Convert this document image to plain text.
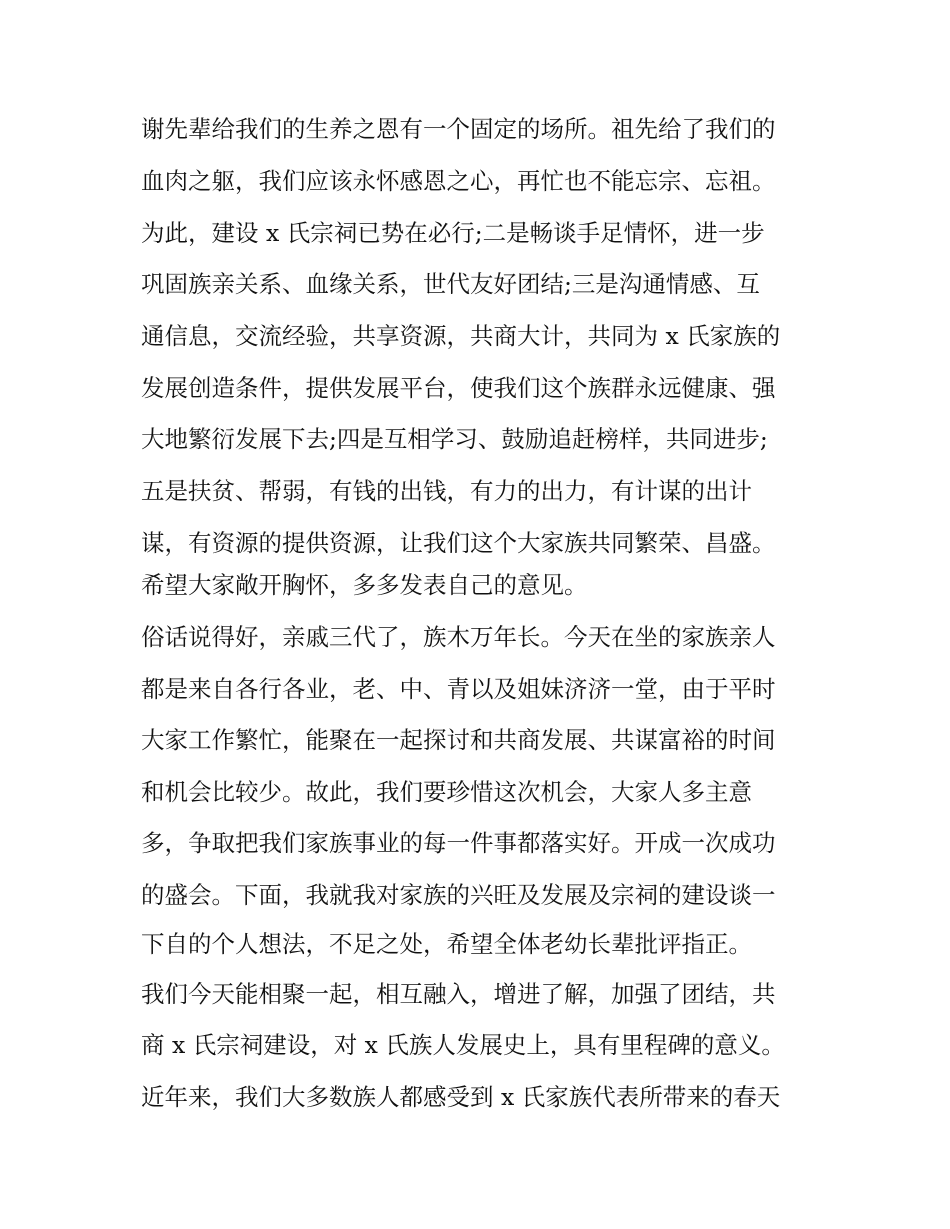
谢先辈给我们的生养之恩有一个固定的场所。祖先给了我们的

血肉之躯，我们应该永怀感恩之心，再忙也不能忘宗、忘祖。

为此，建设 x 氏宗祠已势在必行;二是畅谈手足情怀，进一步

巩固族亲关系、血缘关系，世代友好团结;三是沟通情感、互

通信息，交流经验，共享资源，共商大计，共同为 x 氏家族的

发展创造条件，提供发展平台，使我们这个族群永远健康、强

大地繁衍发展下去;四是互相学习、鼓励追赶榜样，共同进步;

五是扶贫、帮弱，有钱的出钱，有力的出力，有计谋的出计

谋，有资源的提供资源，让我们这个大家族共同繁荣、昌盛。

希望大家敞开胸怀，多多发表自己的意见。

俗话说得好，亲戚三代了，族木万年长。今天在坐的家族亲人

都是来自各行各业，老、中、青以及姐妹济济一堂，由于平时

大家工作繁忙，能聚在一起探讨和共商发展、共谋富裕的时间

和机会比较少。故此，我们要珍惜这次机会，大家人多主意

多，争取把我们家族事业的每一件事都落实好。开成一次成功

的盛会。下面，我就我对家族的兴旺及发展及宗祠的建设谈一

下自的个人想法，不足之处，希望全体老幼长辈批评指正。

我们今天能相聚一起，相互融入，增进了解，加强了团结，共

商 x 氏宗祠建设，对 x 氏族人发展史上，具有里程碑的意义。

近年来，我们大多数族人都感受到 x 氏家族代表所带来的春天
